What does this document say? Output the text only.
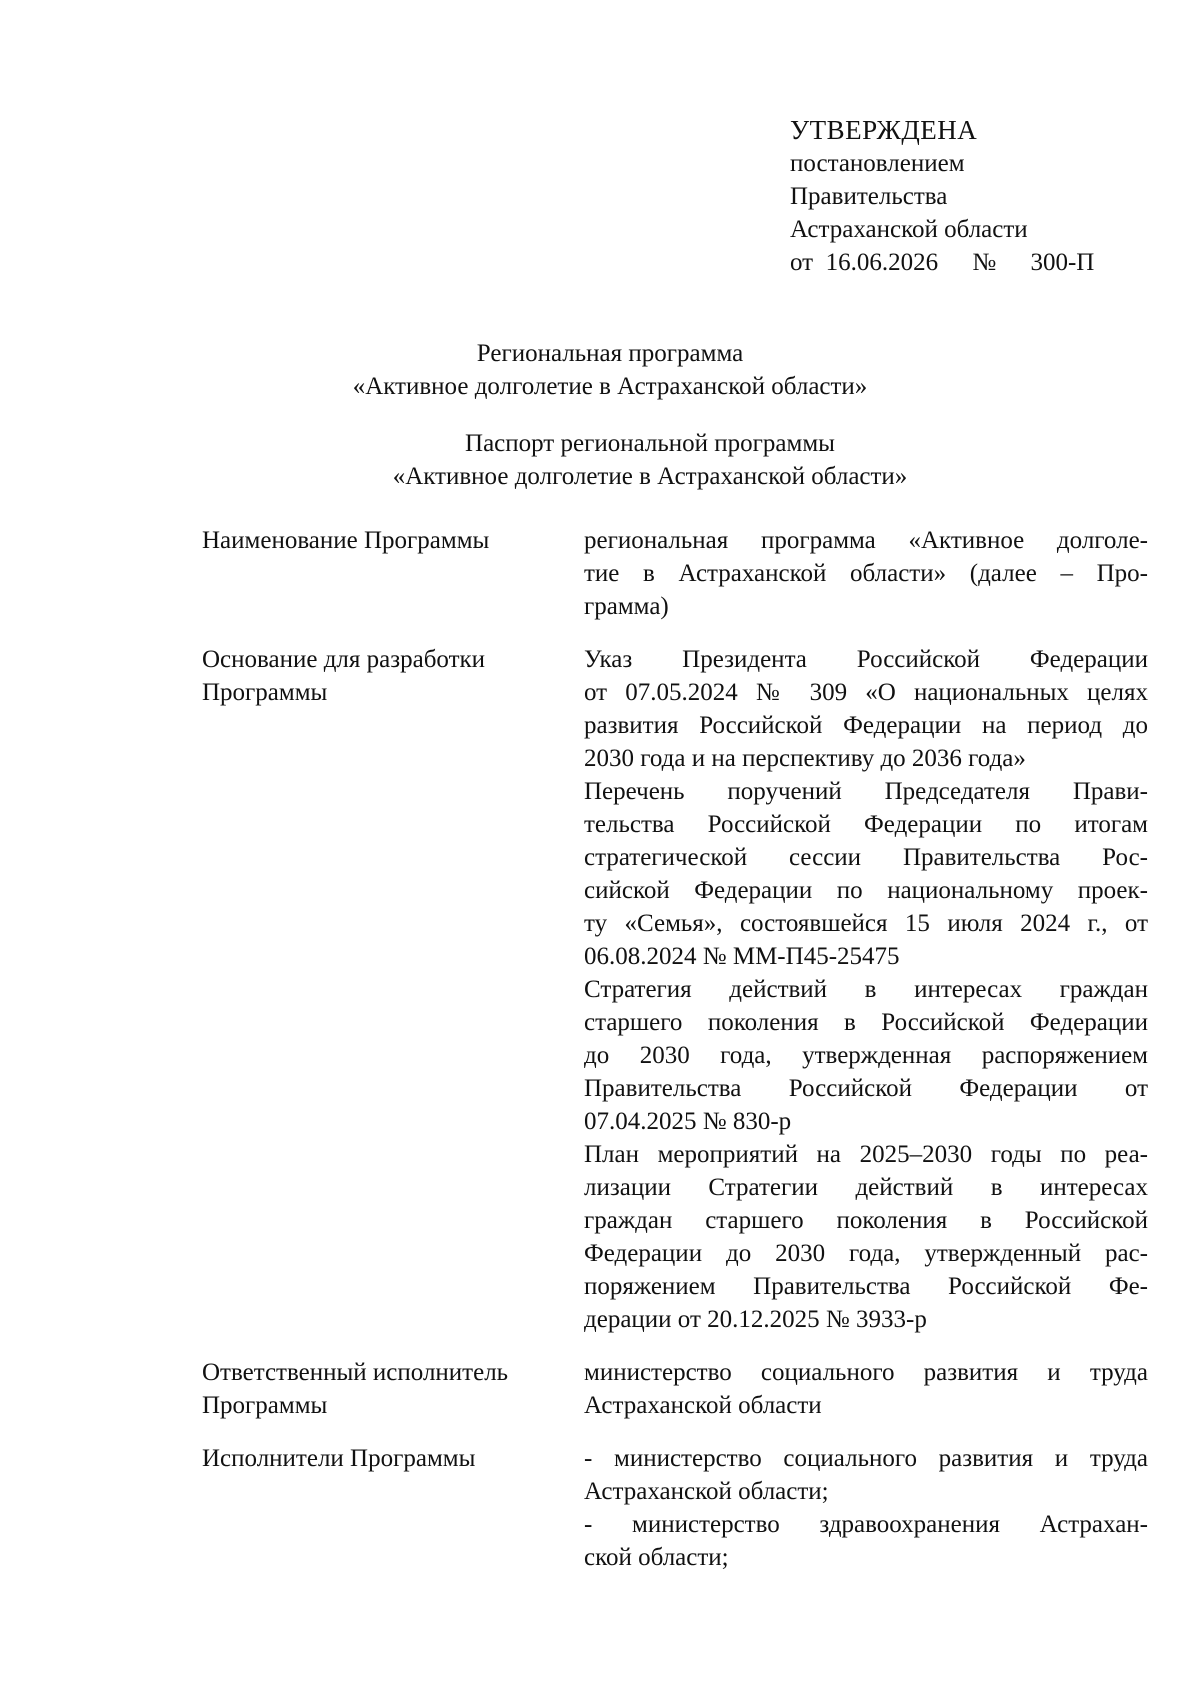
УТВЕРЖДЕНА
постановлением
Правительства
Астраханской области
от 16.06.2026 № 300-П
Региональная программа
«Активное долголетие в Астраханской области»
Паспорт региональной программы
«Активное долголетие в Астраханской области»
Наименование Программы	региональная программа «Активное долголе-
тие в Астраханской области» (далее – Про-
грамма)

Основание для разработки
Программы

Указ Президента Российской Федерации
от 07.05.2024 № 309 «О национальных целях
развития Российской Федерации на период до
2030 года и на перспективу до 2036 года»

Перечень поручений Председателя Прави-
тельства Российской Федерации по итогам
стратегической сессии Правительства Рос-
сийской Федерации по национальному проек-
ту «Семья», состоявшейся 15 июля 2024 г., от
06.08.2024 № ММ-П45-25475

Стратегия действий в интересах граждан
старшего поколения в Российской Федерации
до 2030 года, утвержденная распоряжением
Правительства Российской Федерации от
07.04.2025 № 830-р

План мероприятий на 2025–2030 годы по реа-
лизации Стратегии действий в интересах
граждан старшего поколения в Российской
Федерации до 2030 года, утвержденный рас-
поряжением Правительства Российской Фе-
дерации от 20.12.2025 № 3933-р

Ответственный исполнитель
Программы

министерство социального развития и труда
Астраханской области

Исполнители Программы	- министерство социального развития и труда
Астраханской области;

- министерство здравоохранения Астрахан-
ской области;
